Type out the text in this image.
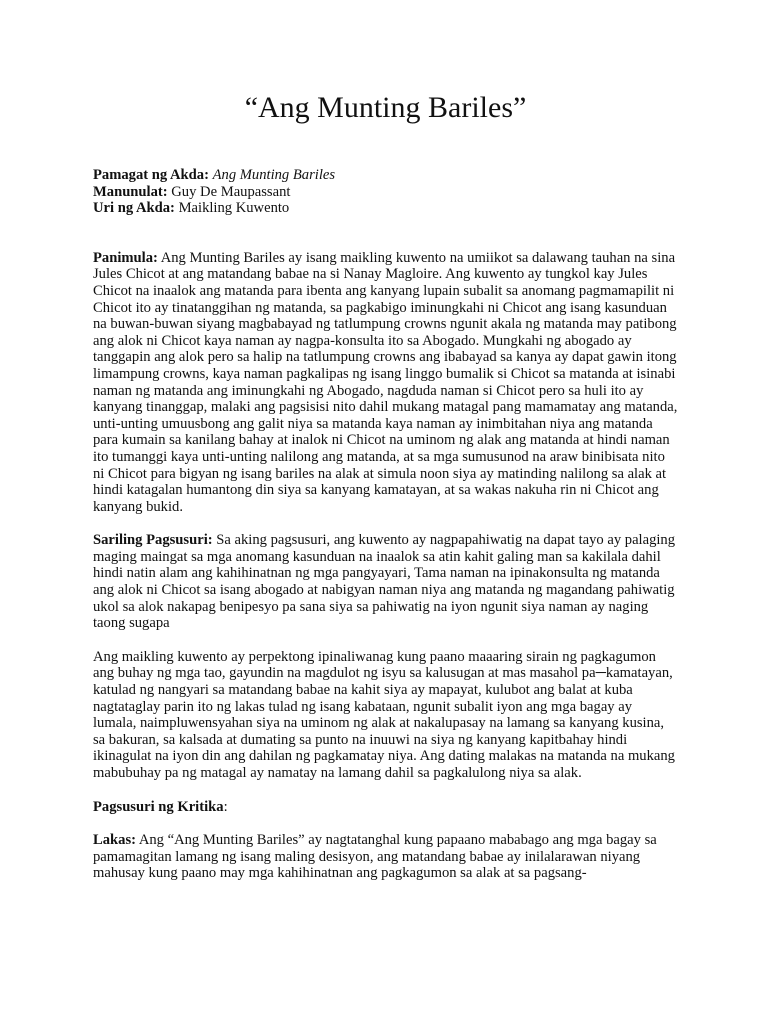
“Ang Munting Bariles”
Pamagat ng Akda: Ang Munting Bariles
Manunulat: Guy De Maupassant
Uri ng Akda: Maikling Kuwento

Panimula: Ang Munting Bariles ay isang maikling kuwento na umiikot sa dalawang tauhan na sina Jules Chicot at ang matandang babae na si Nanay Magloire. Ang kuwento ay tungkol kay Jules Chicot na inaalok ang matanda para ibenta ang kanyang lupain subalit sa anomang pagmamapilit ni Chicot ito ay tinatanggihan ng matanda, sa pagkabigo iminungkahi ni Chicot ang isang kasunduan na buwan-buwan siyang magbabayad ng tatlumpung crowns ngunit akala ng matanda may patibong ang alok ni Chicot kaya naman ay nagpa-konsulta ito sa Abogado. Mungkahi ng abogado ay tanggapin ang alok pero sa halip na tatlumpung crowns ang ibabayad sa kanya ay dapat gawin itong limampung crowns, kaya naman pagkalipas ng isang linggo bumalik si Chicot sa matanda at isinabi naman ng matanda ang iminungkahi ng Abogado, nagduda naman si Chicot pero sa huli ito ay kanyang tinanggap, malaki ang pagsisisi nito dahil mukang matagal pang mamamatay ang matanda, unti-unting umuusbong ang galit niya sa matanda kaya naman ay inimbitahan niya ang matanda para kumain sa kanilang bahay at inalok ni Chicot na uminom ng alak ang matanda at hindi naman ito tumanggi kaya unti-unting nalilong ang matanda, at sa mga sumusunod na araw binibisata nito ni Chicot para bigyan ng isang bariles na alak at simula noon siya ay matinding nalilong sa alak at hindi katagalan humantong din siya sa kanyang kamatayan, at sa wakas nakuha rin ni Chicot ang kanyang bukid.

Sariling Pagsusuri: Sa aking pagsusuri, ang kuwento ay nagpapahiwatig na dapat tayo ay palaging maging maingat sa mga anomang kasunduan na inaalok sa atin kahit galing man sa kakilala dahil hindi natin alam ang kahihinatnan ng mga pangyayari, Tama naman na ipinakonsulta ng matanda ang alok ni Chicot sa isang abogado at nabigyan naman niya ang matanda ng magandang pahiwatig ukol sa alok nakapag benipesyo pa sana siya sa pahiwatig na iyon ngunit siya naman ay naging taong sugapa

Ang maikling kuwento ay perpektong ipinaliwanag kung paano maaaring sirain ng pagkagumon ang buhay ng mga tao, gayundin na magdulot ng isyu sa kalusugan at mas masahol pa─kamatayan, katulad ng nangyari sa matandang babae na kahit siya ay mapayat, kulubot ang balat at kuba nagtataglay parin ito ng lakas tulad ng isang kabataan, ngunit subalit iyon ang mga bagay ay lumala, naimpluwensyahan siya na uminom ng alak at nakalupasay na lamang sa kanyang kusina, sa bakuran, sa kalsada at dumating sa punto na inuuwi na siya ng kanyang kapitbahay hindi ikinagulat na iyon din ang dahilan ng pagkamatay niya. Ang dating malakas na matanda na mukang mabubuhay pa ng matagal ay namatay na lamang dahil sa pagkalulong niya sa alak.

Pagsusuri ng Kritika:

Lakas: Ang “Ang Munting Bariles” ay nagtatanghal kung papaano mababago ang mga bagay sa pamamagitan lamang ng isang maling desisyon, ang matandang babae ay inilalarawan niyang mahusay kung paano may mga kahihinatnan ang pagkagumon sa alak at sa pagsang-
